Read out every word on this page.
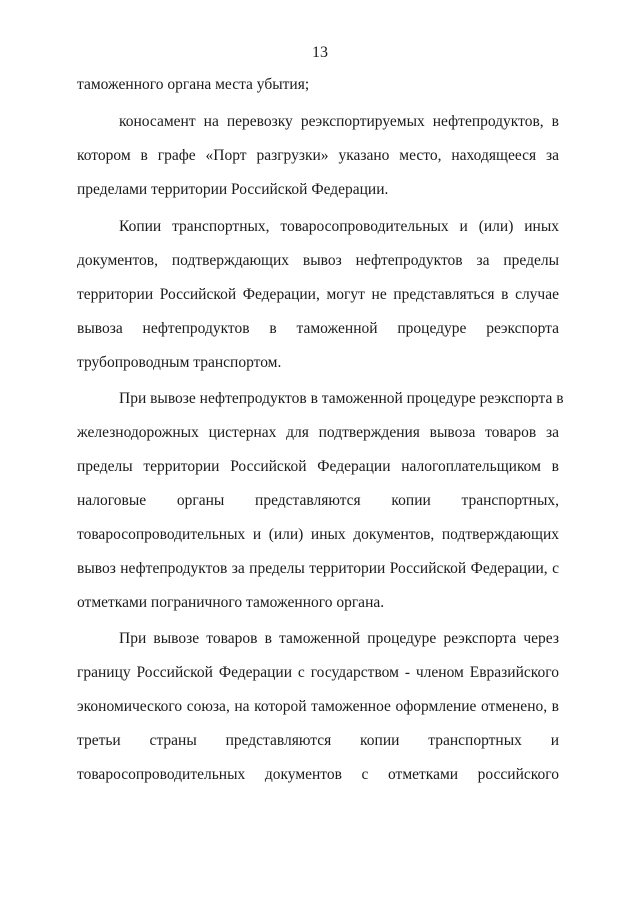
13
таможенного органа места убытия;
коносамент на перевозку реэкспортируемых нефтепродуктов, в
котором в графе «Порт разгрузки» указано место, находящееся за
пределами территории Российской Федерации.
Копии транспортных, товаросопроводительных и (или) иных
документов, подтверждающих вывоз нефтепродуктов за пределы
территории Российской Федерации, могут не представляться в случае
вывоза нефтепродуктов в таможенной процедуре реэкспорта
трубопроводным транспортом.
При вывозе нефтепродуктов в таможенной процедуре реэкспорта в
железнодорожных цистернах для подтверждения вывоза товаров за
пределы территории Российской Федерации налогоплательщиком в
налоговые органы представляются копии транспортных,
товаросопроводительных и (или) иных документов, подтверждающих
вывоз нефтепродуктов за пределы территории Российской Федерации, с
отметками пограничного таможенного органа.
При вывозе товаров в таможенной процедуре реэкспорта через
границу Российской Федерации с государством - членом Евразийского
экономического союза, на которой таможенное оформление отменено, в
третьи страны представляются копии транспортных и
товаросопроводительных документов с отметками российского
